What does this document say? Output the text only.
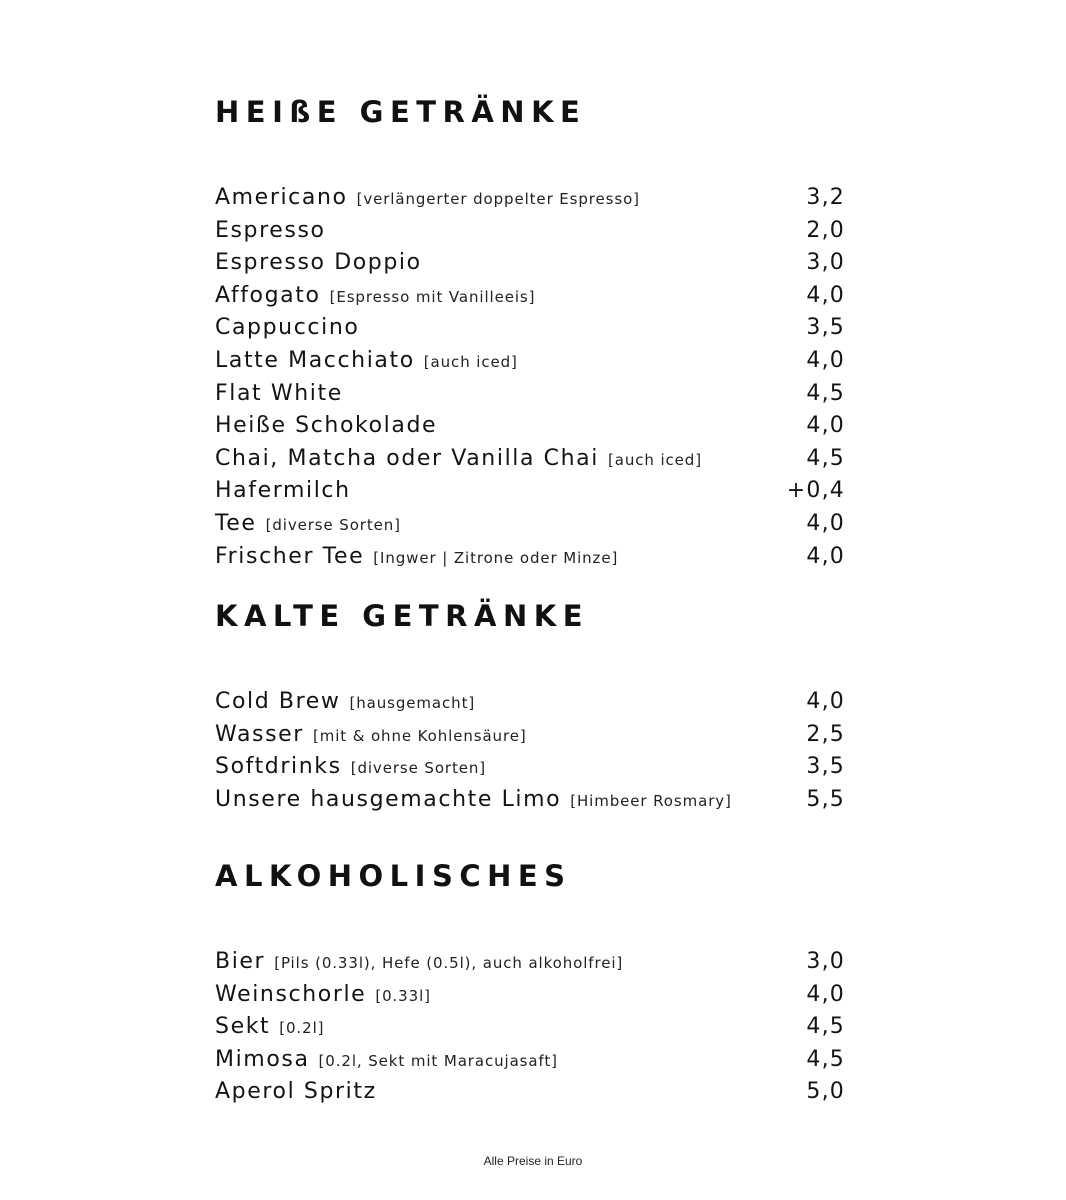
HEIßE GETRÄNKE
Americano [verlängerter doppelter Espresso]	3,2
Espresso	2,0
Espresso Doppio	3,0
Affogato [Espresso mit Vanilleeis]	4,0
Cappuccino	3,5
Latte Macchiato [auch iced]	4,0
Flat White	4,5
Heiße Schokolade	4,0
Chai, Matcha oder Vanilla Chai [auch iced]	4,5
Hafermilch	+0,4
Tee [diverse Sorten]	4,0
Frischer Tee [Ingwer | Zitrone oder Minze]	4,0
KALTE GETRÄNKE
Cold Brew [hausgemacht]	4,0
Wasser [mit & ohne Kohlensäure]	2,5
Softdrinks [diverse Sorten]	3,5
Unsere hausgemachte Limo [Himbeer Rosmary]	5,5
ALKOHOLISCHES
Bier [Pils (0.33l), Hefe (0.5l), auch alkoholfrei]	3,0
Weinschorle [0.33l]	4,0
Sekt [0.2l]	4,5
Mimosa [0.2l, Sekt mit Maracujasaft]	4,5
Aperol Spritz	5,0
Alle Preise in Euro
